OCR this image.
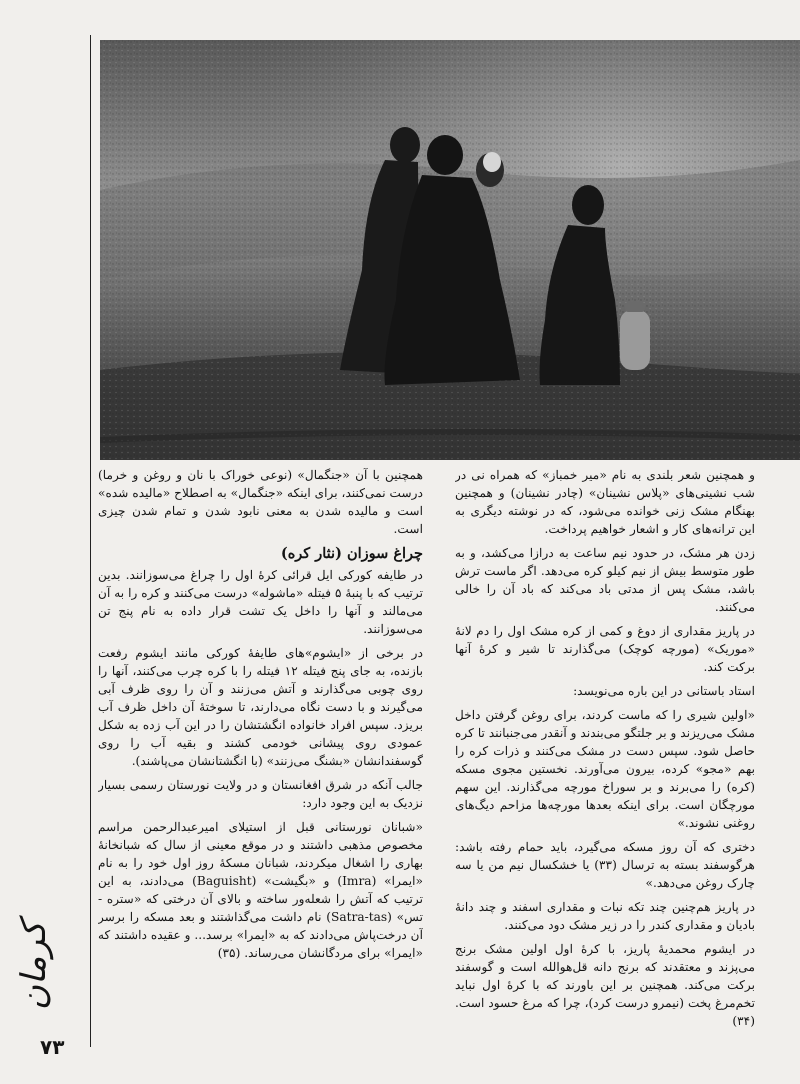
و همچنین شعر بلندی به نام «میر خمباز» که همراه نی در شب نشینی‌های «پلاس نشینان» (چادر نشینان) و همچنین بهنگام مشک زنی خوانده می‌شود، که در نوشته دیگری به این ترانه‌های کار و اشعار خواهیم پرداخت.

زدن هر مشک، در حدود نیم ساعت به درازا می‌کشد، و به طور متوسط بیش از نیم کیلو کره می‌دهد. اگر ماست ترش باشد، مشک پس از مدتی باد می‌کند که باد آن را خالی می‌کنند.

در پاریز مقداری از دوغ و کمی از کره مشک اول را دم لانهٔ «موریک» (مورچه کوچک) می‌گذارند تا شیر و کرهٔ آنها برکت کند.

استاد باستانی در این باره می‌نویسد:

«اولین شیری را که ماست کردند، برای روغن گرفتن داخل مشک می‌ریزند و بر جلتگو می‌بندند و آنقدر می‌جنبانند تا کره حاصل شود. سپس دست در مشک می‌کنند و ذرات کره را بهم «مجو» کرده، بیرون می‌آورند. نخستین مجوی مسکه (کره) را می‌برند و بر سوراخ مورچه می‌گذارند. این سهم مورچگان است. برای اینکه بعدها مورچه‌ها مزاحم دیگ‌های روغنی نشوند.»

دختری که آن روز مسکه می‌گیرد، باید حمام رفته باشد: هرگوسفند بسته به ترسال (۳۳) یا خشکسال نیم من یا سه چارک روغن می‌دهد.»

در پاریز هم‌چنین چند تکه نبات و مقداری اسفند و چند دانهٔ بادیان و مقداری کندر را در زیر مشک دود می‌کنند.

در ایشوم محمدیهٔ پاریز، با کرهٔ اول اولین مشک برنج می‌پزند و معتقدند که برنج دانه قل‌هوالله است و گوسفند برکت می‌کند. همچنین بر این باورند که با کرهٔ اول نباید تخم‌مرغ پخت (نیمرو درست کرد)، چرا که مرغ حسود است. (۳۴)

همچنین با آن «جنگمال» (نوعی خوراک با نان و روغن و خرما) درست نمی‌کنند، برای اینکه «جنگمال» به اصطلاح «مالیده شده» است و مالیده شدن به معنی نابود شدن و تمام شدن چیزی است.

چراغ سوزان (نثار کره)

در طایفه کورکی ایل قرائی کرهٔ اول را چراغ می‌سوزانند. بدین ترتیب که با پنبهٔ ۵ فیتله «ماشوله» درست می‌کنند و کره را به آن می‌مالند و آنها را داخل یک تشت قرار داده به نام پنج تن می‌سوزانند.

در برخی از «ایشوم»های طایفهٔ کورکی مانند ایشوم رفعت بازنده، به جای پنج فیتله ۱۲ فیتله را با کره چرب می‌کنند، آنها را روی چوبی می‌گذارند و آتش می‌زنند و آن را روی ظرف آبی می‌گیرند و با دست نگاه می‌دارند، تا سوختهٔ آن داخل ظرف آب بریزد. سپس افراد خانواده انگشتشان را در این آب زده به شکل عمودی روی پیشانی خودمی کشند و بقیه آب را روی گوسفندانشان «بشنگ می‌زنند» (با انگشتانشان می‌پاشند).

جالب آنکه در شرق افغانستان و در ولایت نورستان رسمی بسیار نزدیک به این وجود دارد:

«شبانان نورستانی قبل از استیلای امیرعبدالرحمن مراسم مخصوص مذهبی داشتند و در موقع معینی از سال که شبانخانهٔ بهاری را اشغال میکردند، شبانان مسکهٔ روز اول خود را به نام «ایمرا» (Imra) و «بگیشت» (Baguisht) می‌دادند، به این ترتیب که آتش را شعله‌ور ساخته و بالای آن درختی که «ستره - تس» (Satra-tas) نام داشت می‌گذاشتند و بعد مسکه را برسر آن درخت‌پاش می‌دادند که به «ایمرا» برسد... و عقیده داشتند که «ایمرا» برای مردگانشان می‌رساند. (۳۵)

کرمان
۷۳
